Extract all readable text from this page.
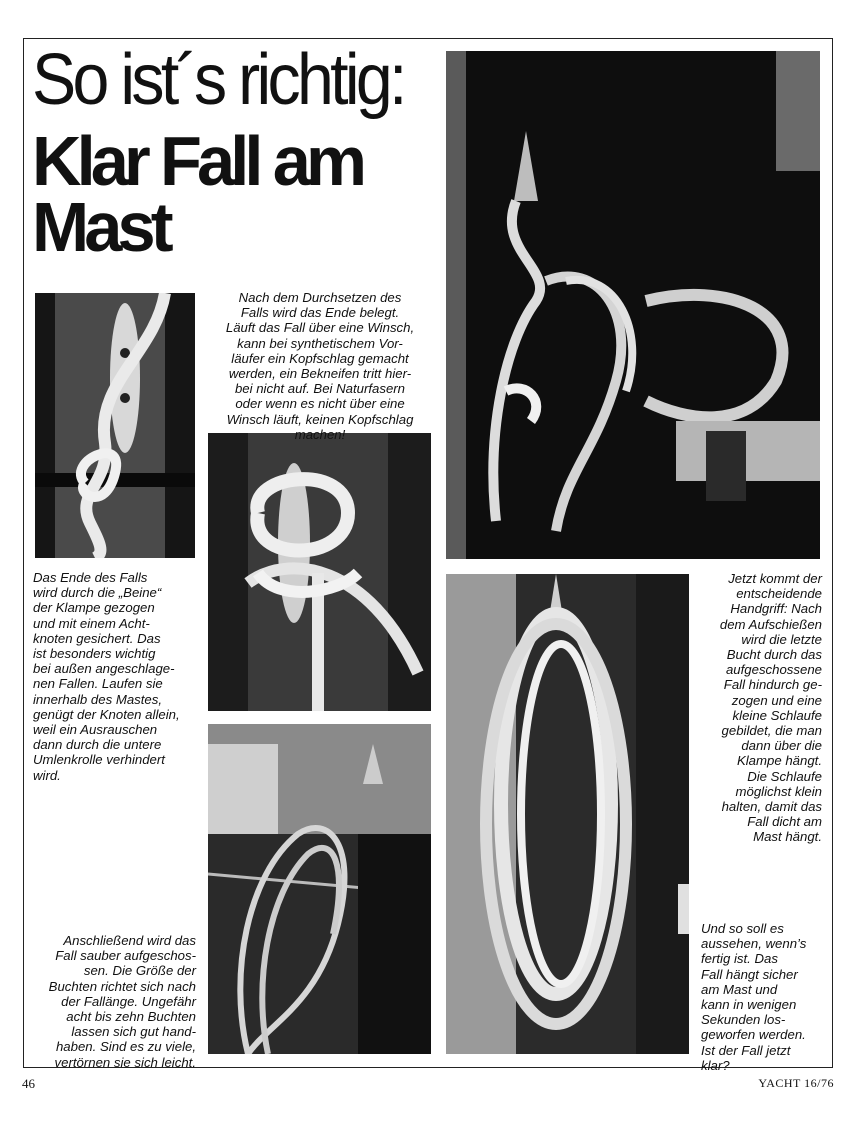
So ist´s richtig:
Klar Fall am Mast
Nach dem Durchsetzen des
Falls wird das Ende belegt.
Läuft das Fall über eine Winsch,
kann bei synthetischem Vor-
läufer ein Kopfschlag gemacht
werden, ein Bekneifen tritt hier-
bei nicht auf. Bei Naturfasern
oder wenn es nicht über eine
Winsch läuft, keinen Kopfschlag
machen!
Das Ende des Falls
wird durch die „Beine“
der Klampe gezogen
und mit einem Acht-
knoten gesichert. Das
ist besonders wichtig
bei außen angeschlage-
nen Fallen. Laufen sie
innerhalb des Mastes,
genügt der Knoten allein,
weil ein Ausrauschen
dann durch die untere
Umlenkrolle verhindert
wird.
Anschließend wird das
Fall sauber aufgeschos-
sen. Die Größe der
Buchten richtet sich nach
der Fallänge. Ungefähr
acht bis zehn Buchten
lassen sich gut hand-
haben. Sind es zu viele,
vertörnen sie sich leicht.
Jetzt kommt der
entscheidende
Handgriff: Nach
dem Aufschießen
wird die letzte
Bucht durch das
aufgeschossene
Fall hindurch ge-
zogen und eine
kleine Schlaufe
gebildet, die man
dann über die
Klampe hängt.
Die Schlaufe
möglichst klein
halten, damit das
Fall dicht am
Mast hängt.
Und so soll es
aussehen, wenn’s
fertig ist. Das
Fall hängt sicher
am Mast und
kann in wenigen
Sekunden los-
geworfen werden.
Ist der Fall jetzt
klar?
46	YACHT 16/76
